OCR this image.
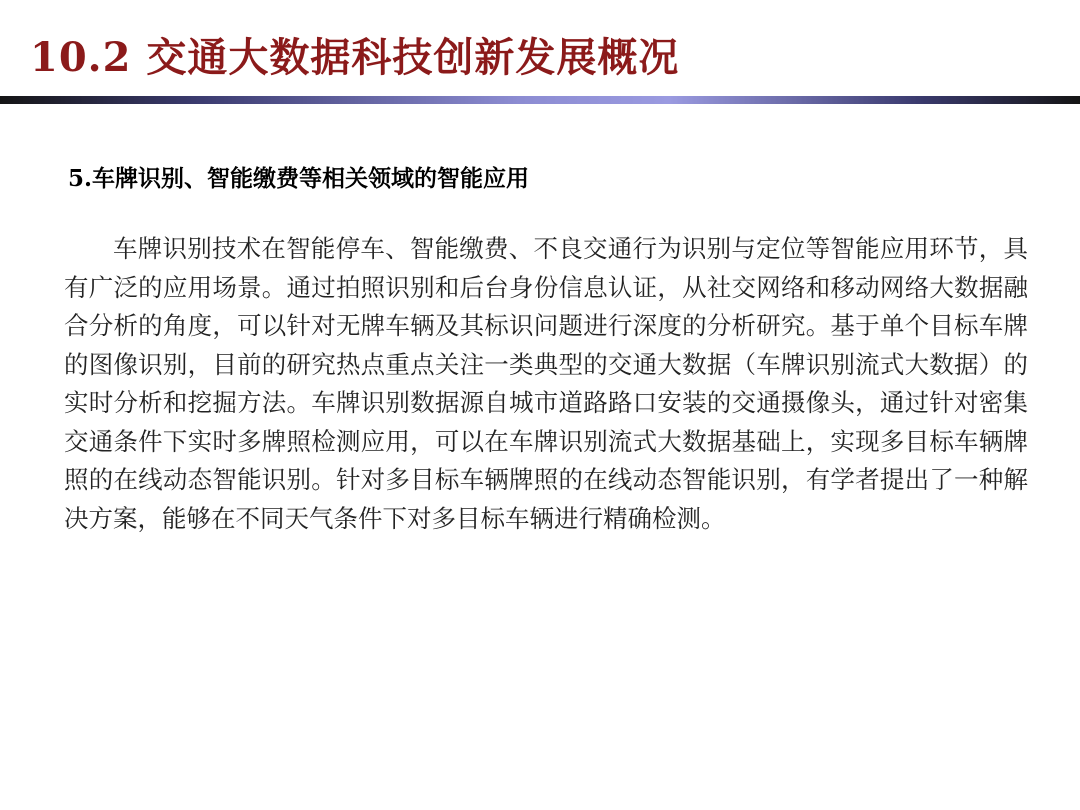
10.2 交通大数据科技创新发展概况
5.车牌识别、智能缴费等相关领域的智能应用

车牌识别技术在智能停车、智能缴费、不良交通行为识别与定位等智能应用环节，具有广泛的应用场景。通过拍照识别和后台身份信息认证，从社交网络和移动网络大数据融合分析的角度，可以针对无牌车辆及其标识问题进行深度的分析研究。基于单个目标车牌的图像识别，目前的研究热点重点关注一类典型的交通大数据（车牌识别流式大数据）的实时分析和挖掘方法。车牌识别数据源自城市道路路口安装的交通摄像头，通过针对密集交通条件下实时多牌照检测应用，可以在车牌识别流式大数据基础上，实现多目标车辆牌照的在线动态智能识别。针对多目标车辆牌照的在线动态智能识别，有学者提出了一种解决方案，能够在不同天气条件下对多目标车辆进行精确检测。
